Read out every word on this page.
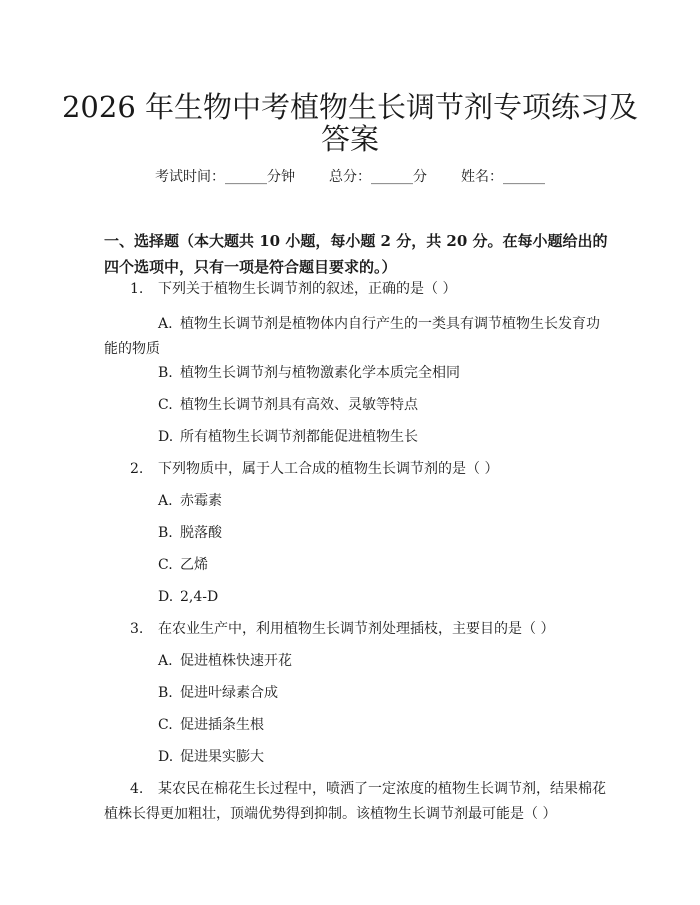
2026 年生物中考植物生长调节剂专项练习及
答案
考试时间：______分钟 总分：______分 姓名：______

一、选择题（本大题共 10 小题，每小题 2 分，共 20 分。在每小题给出的四个选项中，只有一项是符合题目要求的。）

1. 下列关于植物生长调节剂的叙述，正确的是（ ）
A. 植物生长调节剂是植物体内自行产生的一类具有调节植物生长发育功能的物质
B. 植物生长调节剂与植物激素化学本质完全相同
C. 植物生长调节剂具有高效、灵敏等特点
D. 所有植物生长调节剂都能促进植物生长
2. 下列物质中，属于人工合成的植物生长调节剂的是（ ）
A. 赤霉素
B. 脱落酸
C. 乙烯
D. 2,4-D
3. 在农业生产中，利用植物生长调节剂处理插枝，主要目的是（ ）
A. 促进植株快速开花
B. 促进叶绿素合成
C. 促进插条生根
D. 促进果实膨大
4. 某农民在棉花生长过程中，喷洒了一定浓度的植物生长调节剂，结果棉花植株长得更加粗壮，顶端优势得到抑制。该植物生长调节剂最可能是（ ）
